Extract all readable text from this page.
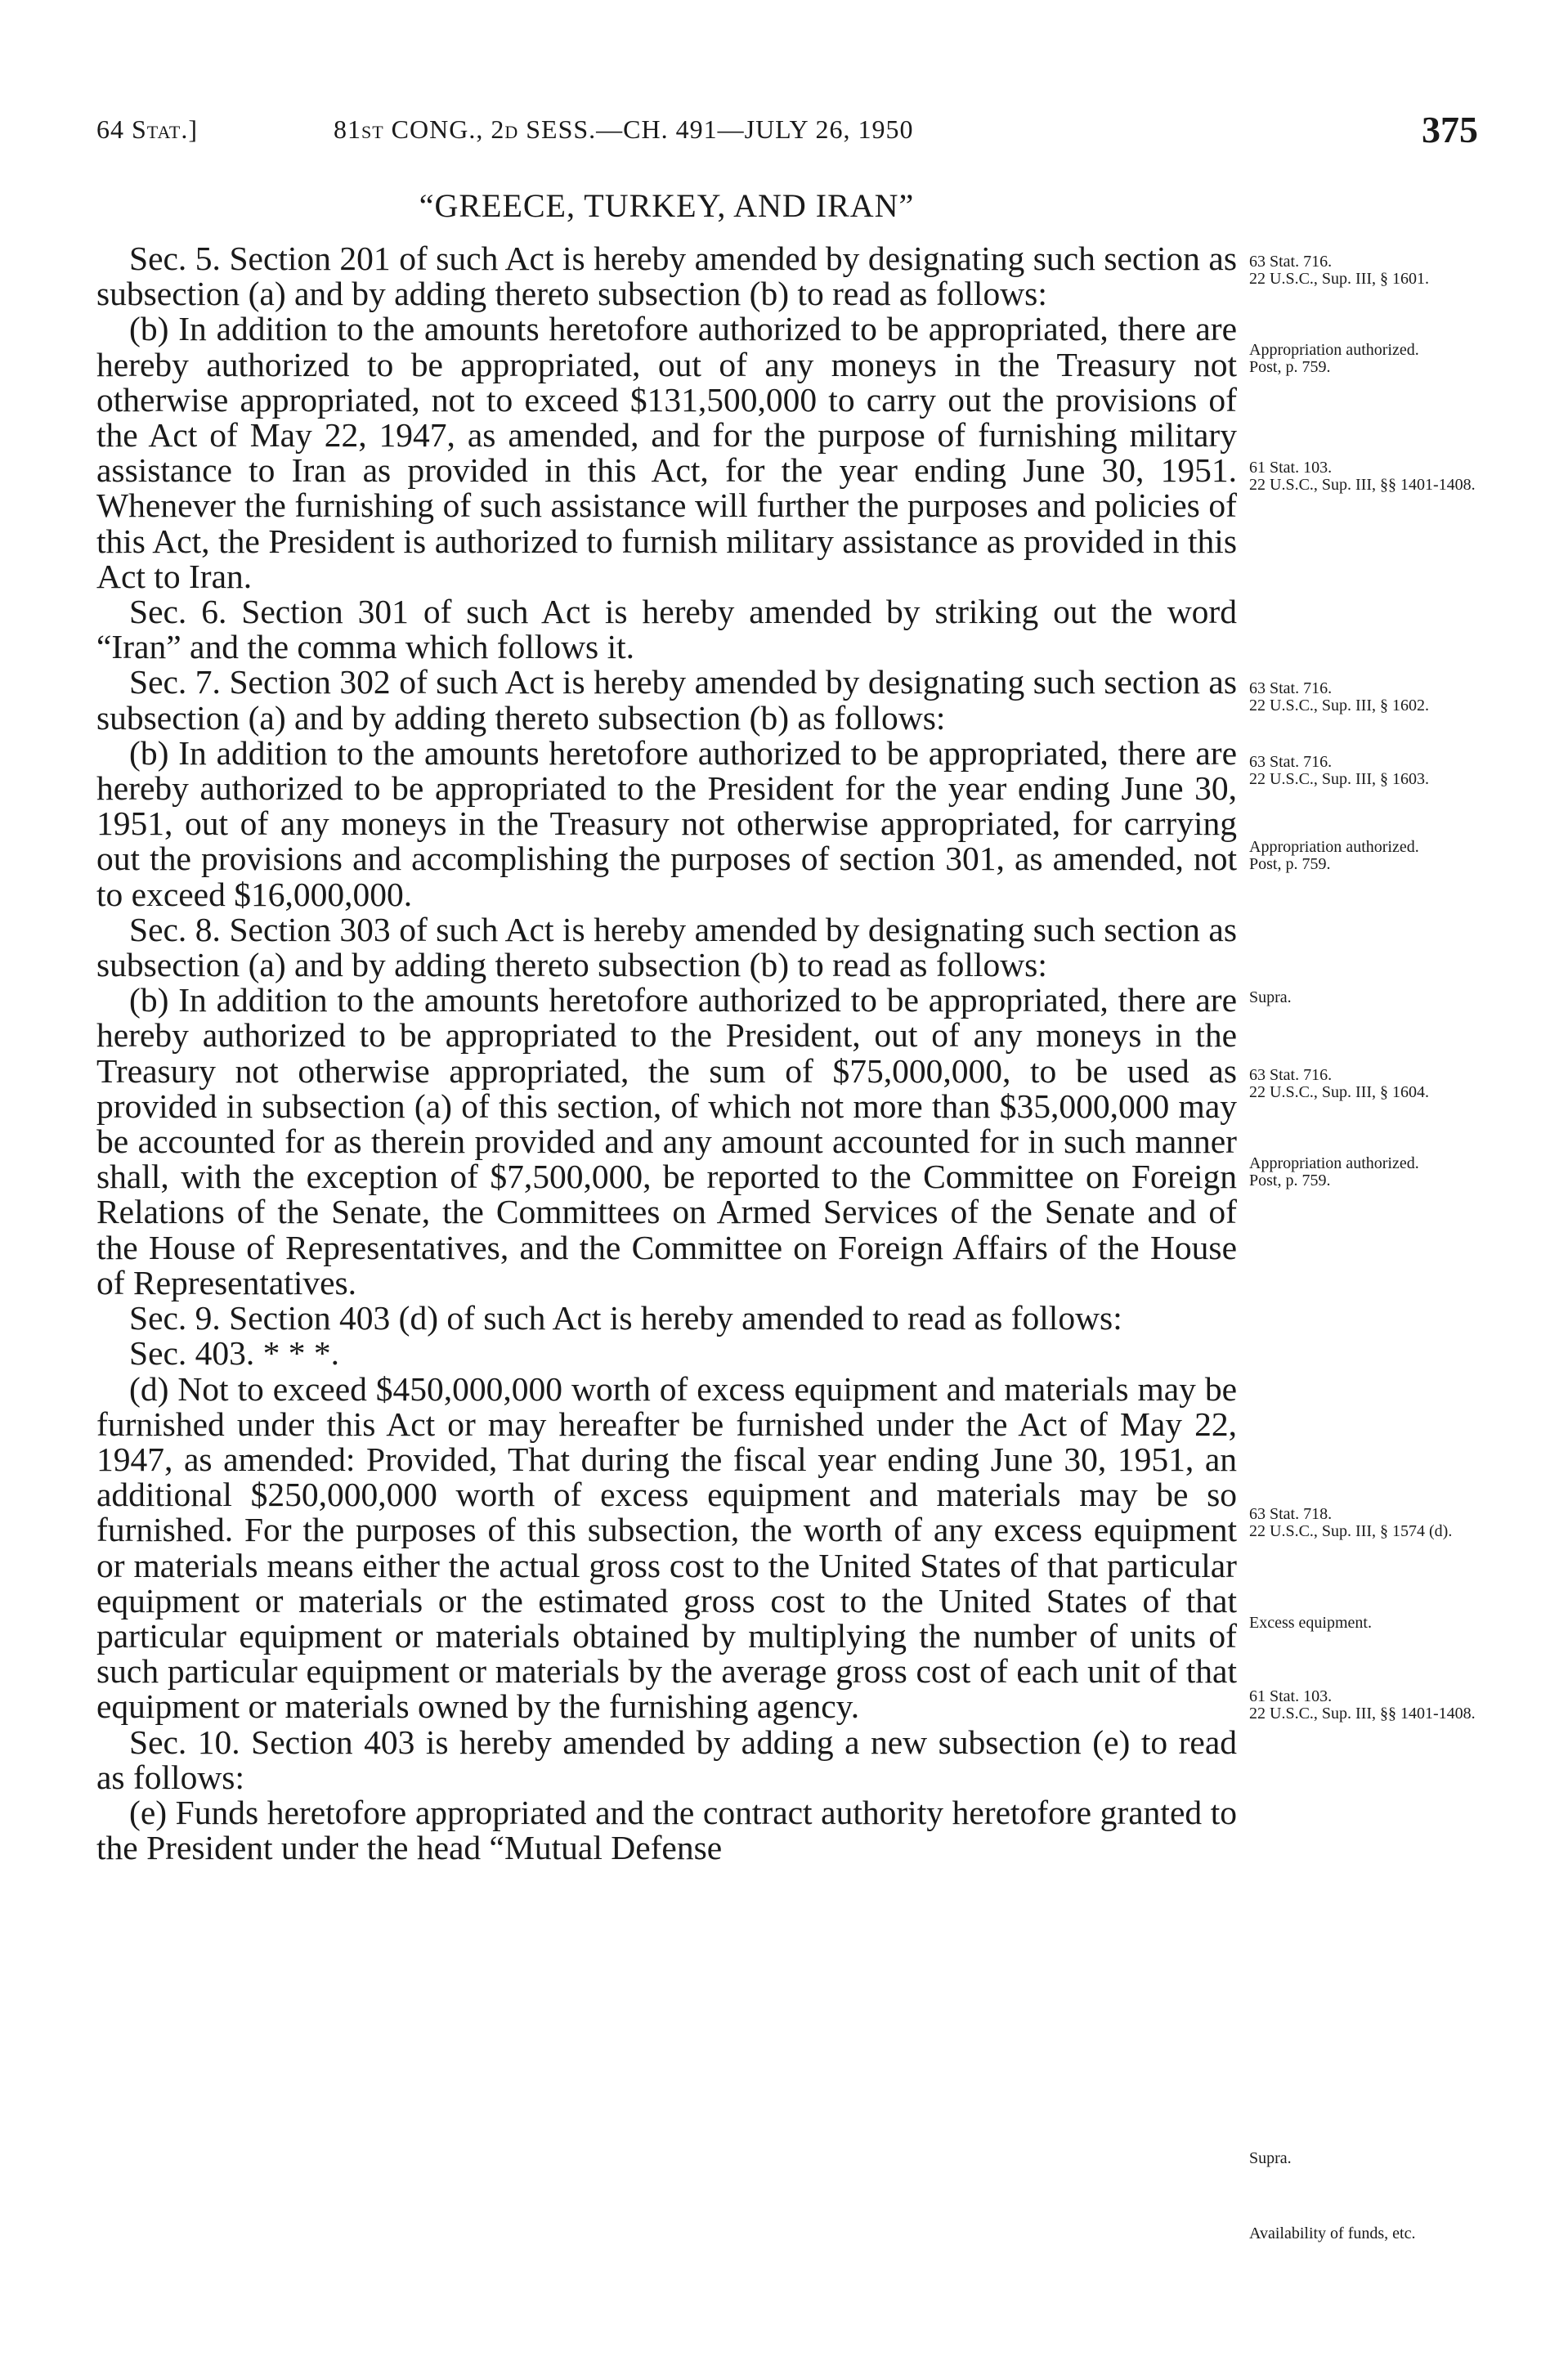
64 Stat.]	81st CONG., 2d SESS.—CH. 491—JULY 26, 1950	375
“GREECE, TURKEY, AND IRAN”

Sec. 5. Section 201 of such Act is hereby amended by designating such section as subsection (a) and by adding thereto subsection (b) to read as follows:

(b) In addition to the amounts heretofore authorized to be appropriated, there are hereby authorized to be appropriated, out of any moneys in the Treasury not otherwise appropriated, not to exceed $131,500,000 to carry out the provisions of the Act of May 22, 1947, as amended, and for the purpose of furnishing military assistance to Iran as provided in this Act, for the year ending June 30, 1951. Whenever the furnishing of such assistance will further the purposes and policies of this Act, the President is authorized to furnish military assistance as provided in this Act to Iran.

Sec. 6. Section 301 of such Act is hereby amended by striking out the word “Iran” and the comma which follows it.

Sec. 7. Section 302 of such Act is hereby amended by designating such section as subsection (a) and by adding thereto subsection (b) as follows:

(b) In addition to the amounts heretofore authorized to be appropriated, there are hereby authorized to be appropriated to the President for the year ending June 30, 1951, out of any moneys in the Treasury not otherwise appropriated, for carrying out the provisions and accomplishing the purposes of section 301, as amended, not to exceed $16,000,000.

Sec. 8. Section 303 of such Act is hereby amended by designating such section as subsection (a) and by adding thereto subsection (b) to read as follows:

(b) In addition to the amounts heretofore authorized to be appropriated, there are hereby authorized to be appropriated to the President, out of any moneys in the Treasury not otherwise appropriated, the sum of $75,000,000, to be used as provided in subsection (a) of this section, of which not more than $35,000,000 may be accounted for as therein provided and any amount accounted for in such manner shall, with the exception of $7,500,000, be reported to the Committee on Foreign Relations of the Senate, the Committees on Armed Services of the Senate and of the House of Representatives, and the Committee on Foreign Affairs of the House of Representatives.

Sec. 9. Section 403 (d) of such Act is hereby amended to read as follows:

Sec. 403. * * *.

(d) Not to exceed $450,000,000 worth of excess equipment and materials may be furnished under this Act or may hereafter be furnished under the Act of May 22, 1947, as amended: Provided, That during the fiscal year ending June 30, 1951, an additional $250,000,000 worth of excess equipment and materials may be so furnished. For the purposes of this subsection, the worth of any excess equipment or materials means either the actual gross cost to the United States of that particular equipment or materials or the estimated gross cost to the United States of that particular equipment or materials obtained by multiplying the number of units of such particular equipment or materials by the average gross cost of each unit of that equipment or materials owned by the furnishing agency.

Sec. 10. Section 403 is hereby amended by adding a new subsection (e) to read as follows:

(e) Funds heretofore appropriated and the contract authority heretofore granted to the President under the head “Mutual Defense

63 Stat. 716.
22 U.S.C., Sup. III, § 1601.
Appropriation authorized.
Post, p. 759.
61 Stat. 103.
22 U.S.C., Sup. III, §§ 1401-1408.
63 Stat. 716.
22 U.S.C., Sup. III, § 1602.
63 Stat. 716.
22 U.S.C., Sup. III, § 1603.
Appropriation authorized.
Post, p. 759.
Supra.
63 Stat. 716.
22 U.S.C., Sup. III, § 1604.
Appropriation authorized.
Post, p. 759.
63 Stat. 718.
22 U.S.C., Sup. III, § 1574 (d).
Excess equipment.
61 Stat. 103.
22 U.S.C., Sup. III, §§ 1401-1408.
Supra.
Availability of funds, etc.
